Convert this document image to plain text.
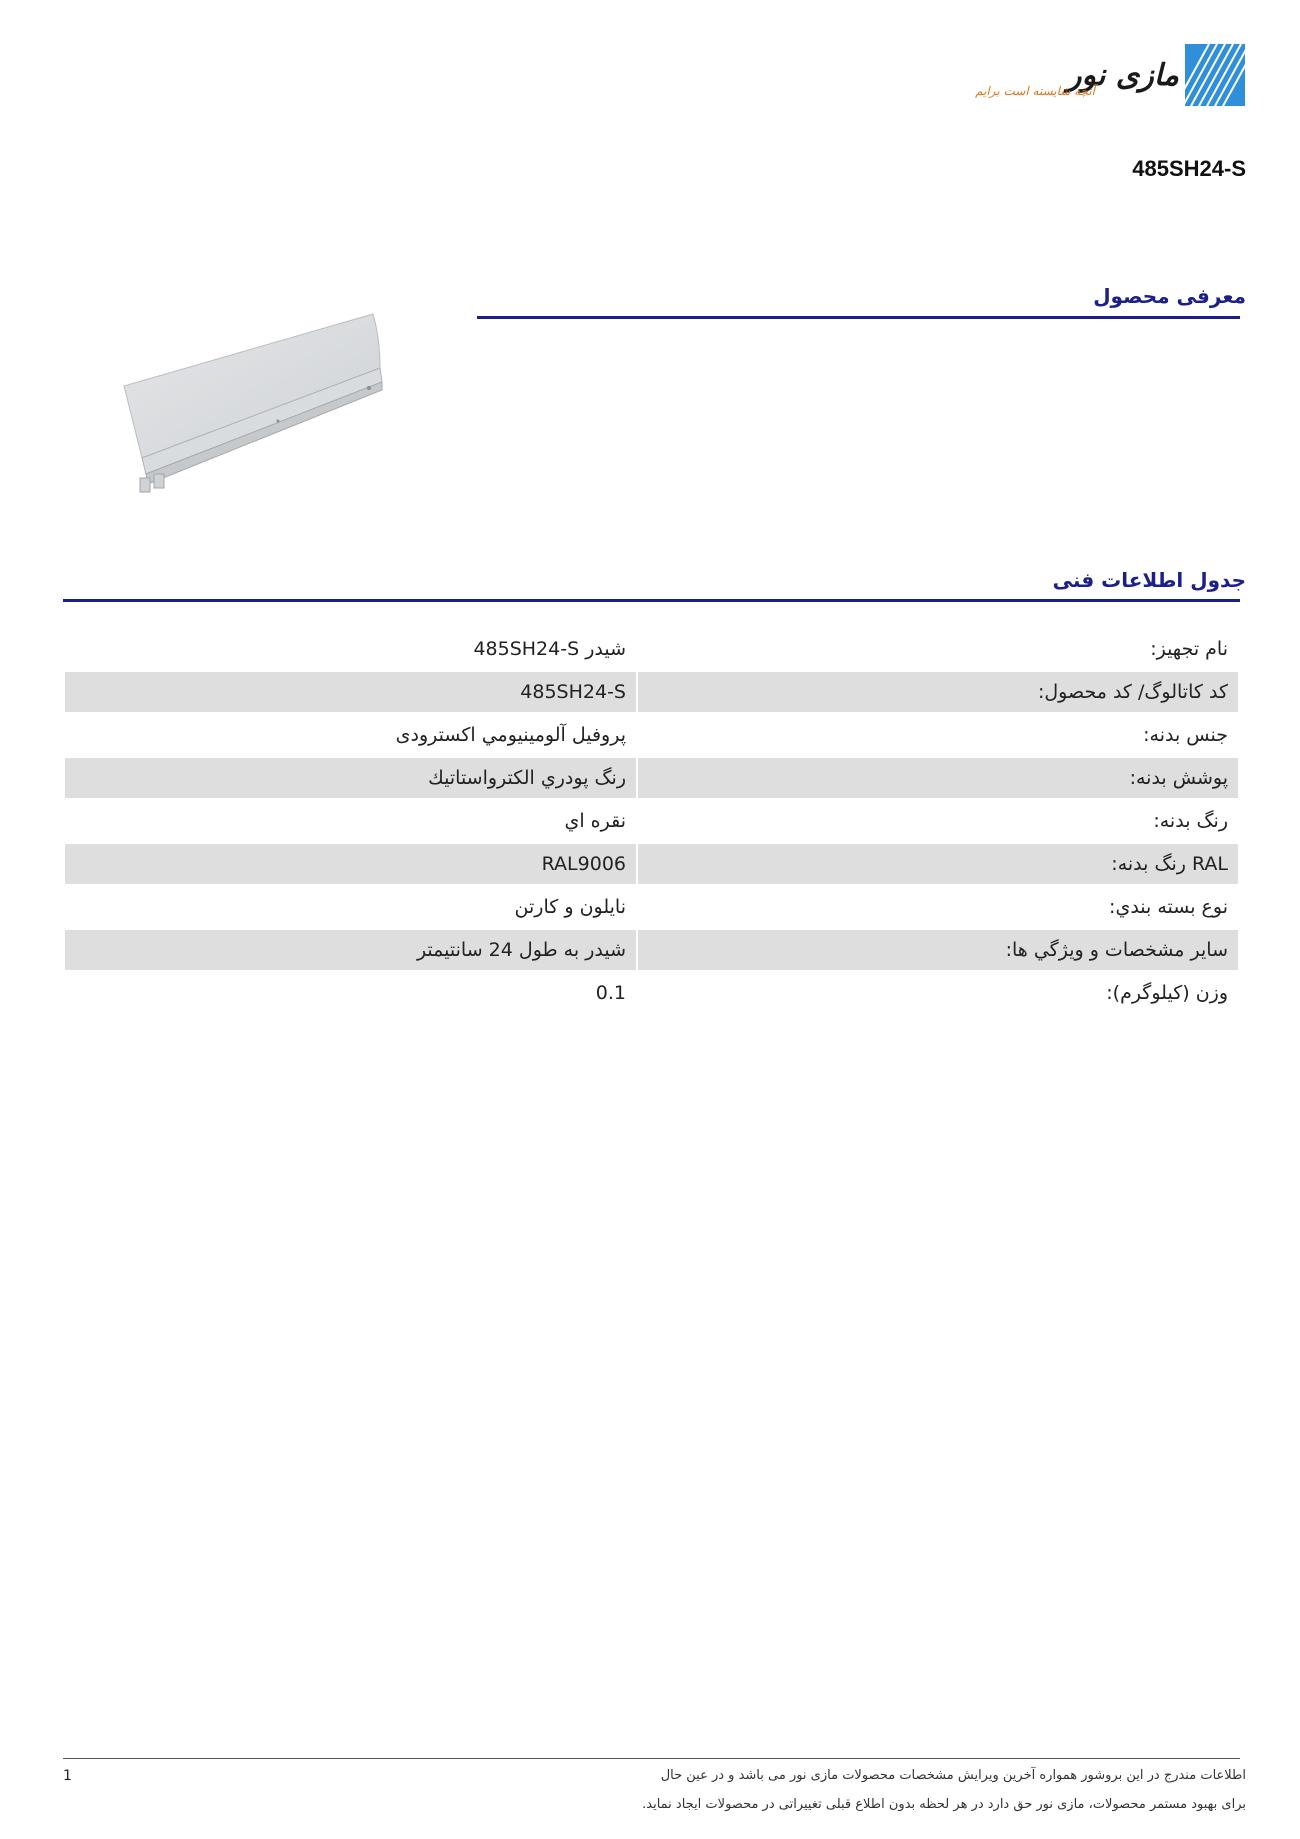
مازی نور
آنچه شایسته است برایم
485SH24-S
معرفی محصول
جدول اطلاعات فنی
نام تجهیز:	شيدر 485SH24-S
کد کاتالوگ/ کد محصول:	485SH24-S
جنس بدنه:	پروفیل آلومینیومي اکسترودی
پوشش بدنه:	رنگ پودري الكترواستاتيك
رنگ بدنه:	نقره اي
RAL رنگ بدنه:	RAL9006
نوع بسته بندي:	نايلون و كارتن
سایر مشخصات و ویژگي ها:	شيدر به طول 24 سانتيمتر
وزن (کیلوگرم):	0.1
1	اطلاعات مندرج در این بروشور همواره آخرین ویرایش مشخصات محصولات مازی نور می باشد و در عین حال
برای بهبود مستمر محصولات، مازی نور حق دارد در هر لحظه بدون اطلاع قبلی تغییراتی در محصولات ایجاد نماید.
